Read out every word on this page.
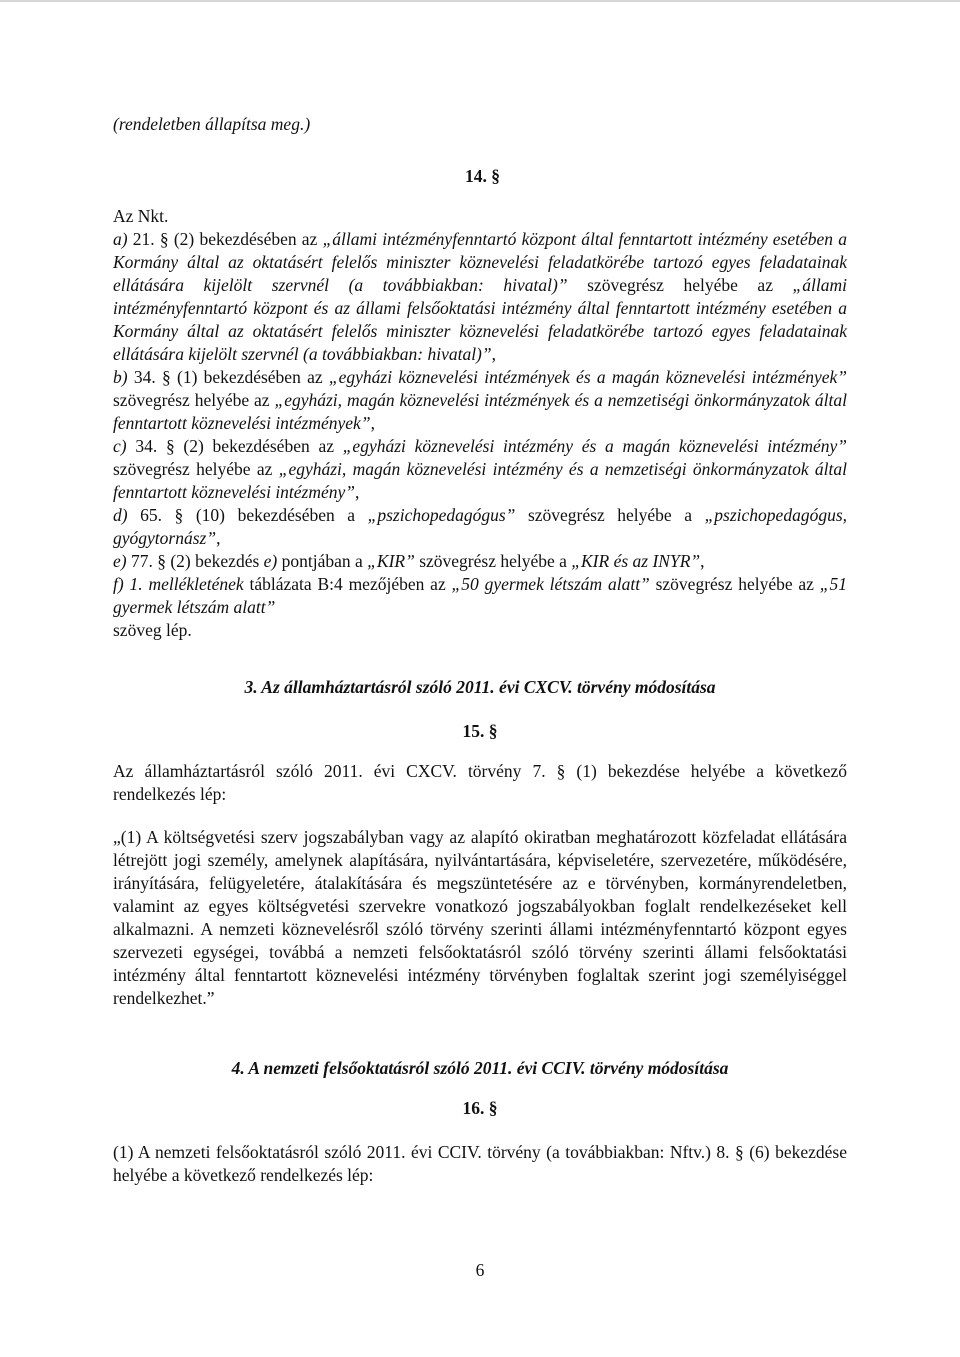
(rendeletben állapítsa meg.)

14. §

Az Nkt.

a) 21. § (2) bekezdésében az „állami intézményfenntartó központ által fenntartott intézmény esetében a Kormány által az oktatásért felelős miniszter köznevelési feladatkörébe tartozó egyes feladatainak ellátására kijelölt szervnél (a továbbiakban: hivatal)” szövegrész helyébe az „állami intézményfenntartó központ és az állami felsőoktatási intézmény által fenntartott intézmény esetében a Kormány által az oktatásért felelős miniszter köznevelési feladatkörébe tartozó egyes feladatainak ellátására kijelölt szervnél (a továbbiakban: hivatal)”,

b) 34. § (1) bekezdésében az „egyházi köznevelési intézmények és a magán köznevelési intézmények” szövegrész helyébe az „egyházi, magán köznevelési intézmények és a nemzetiségi önkormányzatok által fenntartott köznevelési intézmények”,

c) 34. § (2) bekezdésében az „egyházi köznevelési intézmény és a magán köznevelési intézmény” szövegrész helyébe az „egyházi, magán köznevelési intézmény és a nemzetiségi önkormányzatok által fenntartott köznevelési intézmény”,

d) 65. § (10) bekezdésében a „pszichopedagógus” szövegrész helyébe a „pszichopedagógus, gyógytornász”,

e) 77. § (2) bekezdés e) pontjában a „KIR” szövegrész helyébe a „KIR és az INYR”,

f) 1. mellékletének táblázata B:4 mezőjében az „50 gyermek létszám alatt” szövegrész helyébe az „51 gyermek létszám alatt”

szöveg lép.

3. Az államháztartásról szóló 2011. évi CXCV. törvény módosítása

15. §

Az államháztartásról szóló 2011. évi CXCV. törvény 7. § (1) bekezdése helyébe a következő rendelkezés lép:

„(1) A költségvetési szerv jogszabályban vagy az alapító okiratban meghatározott közfeladat ellátására létrejött jogi személy, amelynek alapítására, nyilvántartására, képviseletére, szervezetére, működésére, irányítására, felügyeletére, átalakítására és megszüntetésére az e törvényben, kormányrendeletben, valamint az egyes költségvetési szervekre vonatkozó jogszabályokban foglalt rendelkezéseket kell alkalmazni. A nemzeti köznevelésről szóló törvény szerinti állami intézményfenntartó központ egyes szervezeti egységei, továbbá a nemzeti felsőoktatásról szóló törvény szerinti állami felsőoktatási intézmény által fenntartott köznevelési intézmény törvényben foglaltak szerint jogi személyiséggel rendelkezhet.”

4. A nemzeti felsőoktatásról szóló 2011. évi CCIV. törvény módosítása

16. §

(1) A nemzeti felsőoktatásról szóló 2011. évi CCIV. törvény (a továbbiakban: Nftv.) 8. § (6) bekezdése helyébe a következő rendelkezés lép:

6
